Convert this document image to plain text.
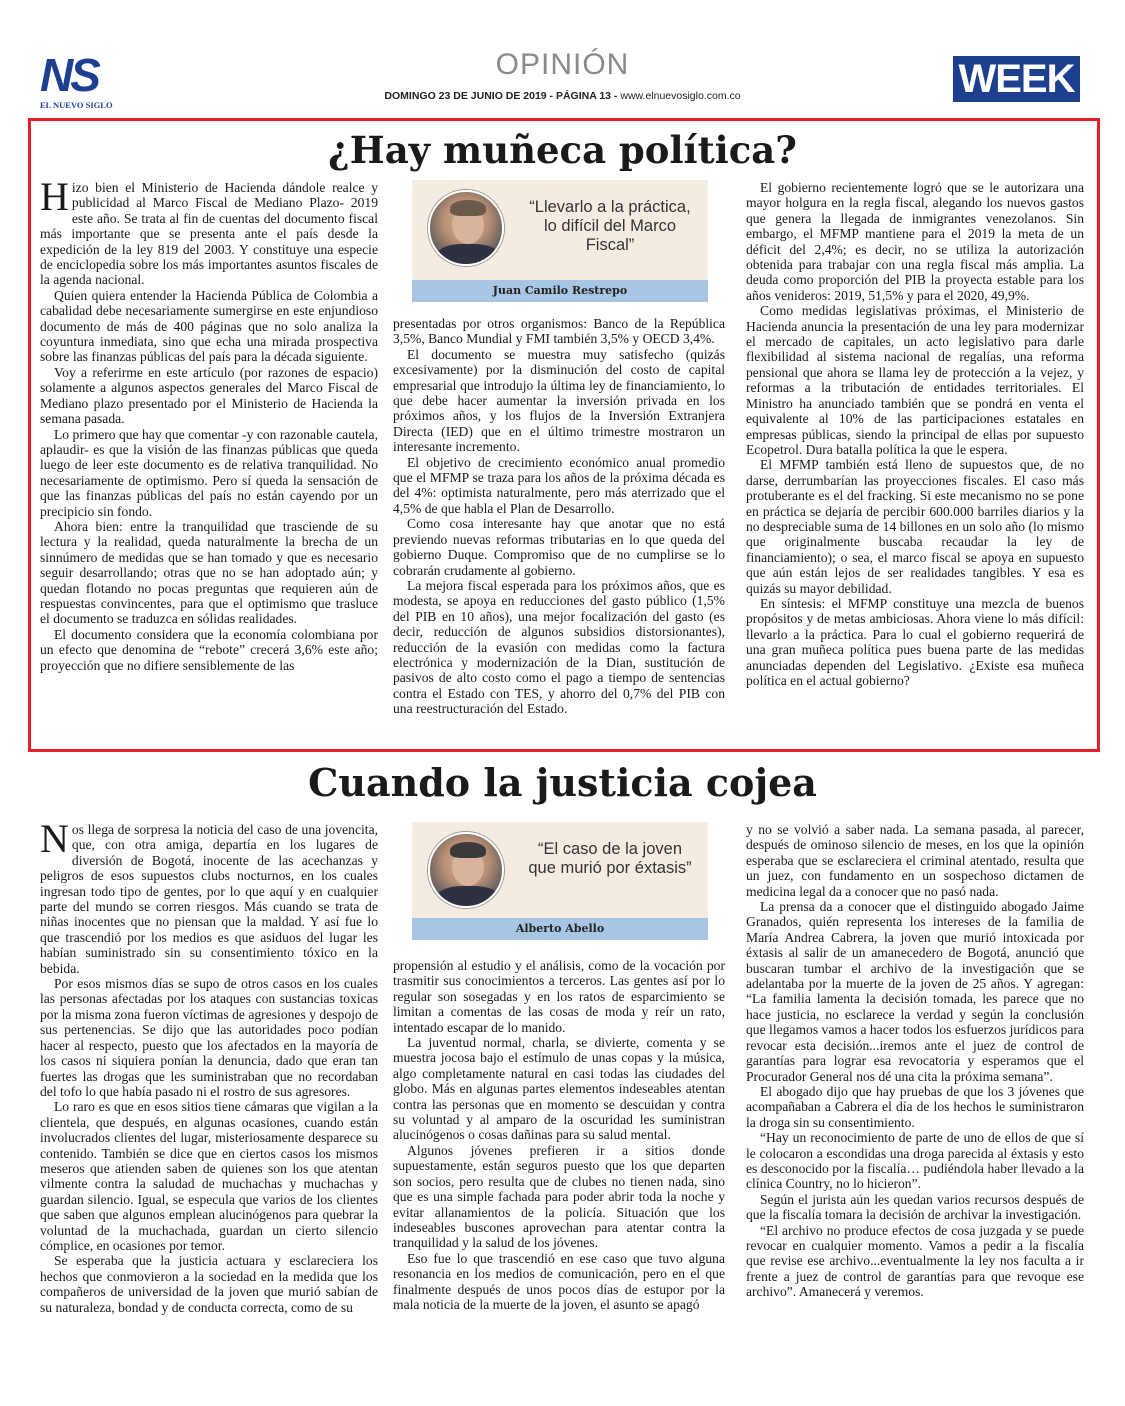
NS
EL NUEVO SIGLO
OPINIÓN
DOMINGO 23 DE JUNIO DE 2019 - PÁGINA 13 - www.elnuevosiglo.com.co	WEEK
¿Hay muñeca política?

Hizo bien el Ministerio de Hacienda dándole realce y publicidad al Marco Fiscal de Mediano Plazo- 2019 este año. Se trata al fin de cuentas del documento fiscal más importante que se presenta ante el país desde la expedición de la ley 819 del 2003. Y constituye una especie de enciclopedia sobre los más importantes asuntos fiscales de la agenda nacional.

Quien quiera entender la Hacienda Pública de Colombia a cabalidad debe necesariamente sumergirse en este enjundioso documento de más de 400 páginas que no solo analiza la coyuntura inmediata, sino que echa una mirada prospectiva sobre las finanzas públicas del país para la década siguiente.

Voy a referirme en este artículo (por razones de espacio) solamente a algunos aspectos generales del Marco Fiscal de Mediano plazo presentado por el Ministerio de Hacienda la semana pasada.

Lo primero que hay que comentar -y con razonable cautela, aplaudir- es que la visión de las finanzas públicas que queda luego de leer este documento es de relativa tranquilidad. No necesariamente de optimismo. Pero sí queda la sensación de que las finanzas públicas del país no están cayendo por un precipicio sin fondo.

Ahora bien: entre la tranquilidad que trasciende de su lectura y la realidad, queda naturalmente la brecha de un sinnúmero de medidas que se han tomado y que es necesario seguir desarrollando; otras que no se han adoptado aún; y quedan flotando no pocas preguntas que requieren aún de respuestas convincentes, para que el optimismo que trasluce el documento se traduzca en sólidas realidades.

El documento considera que la economía colombiana por un efecto que denomina de “rebote” crecerá 3,6% este año; proyección que no difiere sensiblemente de las

“Llevarlo a la práctica, lo difícil del Marco Fiscal”
Juan Camilo Restrepo

presentadas por otros organismos: Banco de la República 3,5%, Banco Mundial y FMI también 3,5% y OECD 3,4%.

El documento se muestra muy satisfecho (quizás excesivamente) por la disminución del costo de capital empresarial que introdujo la última ley de financiamiento, lo que debe hacer aumentar la inversión privada en los próximos años, y los flujos de la Inversión Extranjera Directa (IED) que en el último trimestre mostraron un interesante incremento.

El objetivo de crecimiento económico anual promedio que el MFMP se traza para los años de la próxima década es del 4%: optimista naturalmente, pero más aterrizado que el 4,5% de que habla el Plan de Desarrollo.

Como cosa interesante hay que anotar que no está previendo nuevas reformas tributarias en lo que queda del gobierno Duque. Compromiso que de no cumplirse se lo cobrarán crudamente al gobierno.

La mejora fiscal esperada para los próximos años, que es modesta, se apoya en reducciones del gasto público (1,5% del PIB en 10 años), una mejor focalización del gasto (es decir, reducción de algunos subsidios distorsionantes), reducción de la evasión con medidas como la factura electrónica y modernización de la Dian, sustitución de pasivos de alto costo como el pago a tiempo de sentencias contra el Estado con TES, y ahorro del 0,7% del PIB con una reestructuración del Estado.

El gobierno recientemente logró que se le autorizara una mayor holgura en la regla fiscal, alegando los nuevos gastos que genera la llegada de inmigrantes venezolanos. Sin embargo, el MFMP mantiene para el 2019 la meta de un déficit del 2,4%; es decir, no se utiliza la autorización obtenida para trabajar con una regla fiscal más amplia. La deuda como proporción del PIB la proyecta estable para los años venideros: 2019, 51,5% y para el 2020, 49,9%.

Como medidas legislativas próximas, el Ministerio de Hacienda anuncia la presentación de una ley para modernizar el mercado de capitales, un acto legislativo para darle flexibilidad al sistema nacional de regalías, una reforma pensional que ahora se llama ley de protección a la vejez, y reformas a la tributación de entidades territoriales. El Ministro ha anunciado también que se pondrá en venta el equivalente al 10% de las participaciones estatales en empresas públicas, siendo la principal de ellas por supuesto Ecopetrol. Dura batalla política la que le espera.

El MFMP también está lleno de supuestos que, de no darse, derrumbarían las proyecciones fiscales. El caso más protuberante es el del fracking. Si este mecanismo no se pone en práctica se dejaría de percibir 600.000 barriles diarios y la no despreciable suma de 14 billones en un solo año (lo mismo que originalmente buscaba recaudar la ley de financiamiento); o sea, el marco fiscal se apoya en supuesto que aún están lejos de ser realidades tangibles. Y esa es quizás su mayor debilidad.

En síntesis: el MFMP constituye una mezcla de buenos propósitos y de metas ambiciosas. Ahora viene lo más difícil: llevarlo a la práctica. Para lo cual el gobierno requerirá de una gran muñeca política pues buena parte de las medidas anunciadas dependen del Legislativo. ¿Existe esa muñeca política en el actual gobierno?

Cuando la justicia cojea

Nos llega de sorpresa la noticia del caso de una jovencita, que, con otra amiga, departía en los lugares de diversión de Bogotá, inocente de las acechanzas y peligros de esos supuestos clubs nocturnos, en los cuales ingresan todo tipo de gentes, por lo que aquí y en cualquier parte del mundo se corren riesgos. Más cuando se trata de niñas inocentes que no piensan que la maldad. Y así fue lo que trascendió por los medios es que asiduos del lugar les habían suministrado sin su consentimiento tóxico en la bebida.

Por esos mismos días se supo de otros casos en los cuales las personas afectadas por los ataques con sustancias toxicas por la misma zona fueron víctimas de agresiones y despojo de sus pertenencias. Se dijo que las autoridades poco podían hacer al respecto, puesto que los afectados en la mayoría de los casos ni siquiera ponían la denuncia, dado que eran tan fuertes las drogas que les suministraban que no recordaban del tofo lo que había pasado ni el rostro de sus agresores.

Lo raro es que en esos sitios tiene cámaras que vigilan a la clientela, que después, en algunas ocasiones, cuando están involucrados clientes del lugar, misteriosamente desparece su contenido. También se dice que en ciertos casos los mismos meseros que atienden saben de quienes son los que atentan vilmente contra la saludad de muchachas y muchachas y guardan silencio. Igual, se especula que varios de los clientes que saben que algunos emplean alucinógenos para quebrar la voluntad de la muchachada, guardan un cierto silencio cómplice, en ocasiones por temor.

Se esperaba que la justicia actuara y esclareciera los hechos que conmovieron a la sociedad en la medida que los compañeros de universidad de la joven que murió sabían de su naturaleza, bondad y de conducta correcta, como de su

“El caso de la joven que murió por éxtasis”
Alberto Abello

propensión al estudio y el análisis, como de la vocación por trasmitir sus conocimientos a terceros. Las gentes así por lo regular son sosegadas y en los ratos de esparcimiento se limitan a comentas de las cosas de moda y reír un rato, intentado escapar de lo manido.

La juventud normal, charla, se divierte, comenta y se muestra jocosa bajo el estímulo de unas copas y la música, algo completamente natural en casi todas las ciudades del globo. Más en algunas partes elementos indeseables atentan contra las personas que en momento se descuidan y contra su voluntad y al amparo de la oscuridad les suministran alucinógenos o cosas dañinas para su salud mental.

Algunos jóvenes prefieren ir a sitios donde supuestamente, están seguros puesto que los que departen son socios, pero resulta que de clubes no tienen nada, sino que es una simple fachada para poder abrir toda la noche y evitar allanamientos de la policía. Situación que los indeseables buscones aprovechan para atentar contra la tranquilidad y la salud de los jóvenes.

Eso fue lo que trascendió en ese caso que tuvo alguna resonancia en los medios de comunicación, pero en el que finalmente después de unos pocos días de estupor por la mala noticia de la muerte de la joven, el asunto se apagó

y no se volvió a saber nada. La semana pasada, al parecer, después de ominoso silencio de meses, en los que la opinión esperaba que se esclareciera el criminal atentado, resulta que un juez, con fundamento en un sospechoso dictamen de medicina legal da a conocer que no pasó nada.

La prensa da a conocer que el distinguido abogado Jaime Granados, quién representa los intereses de la familia de María Andrea Cabrera, la joven que murió intoxicada por éxtasis al salir de un amanecedero de Bogotá, anunció que buscaran tumbar el archivo de la investigación que se adelantaba por la muerte de la joven de 25 años. Y agregan: “La familia lamenta la decisión tomada, les parece que no hace justicia, no esclarece la verdad y según la conclusión que llegamos vamos a hacer todos los esfuerzos jurídicos para revocar esta decisión...iremos ante el juez de control de garantías para lograr esa revocatoria y esperamos que el Procurador General nos dé una cita la próxima semana”.

El abogado dijo que hay pruebas de que los 3 jóvenes que acompañaban a Cabrera el día de los hechos le suministraron la droga sin su consentimiento.

“Hay un reconocimiento de parte de uno de ellos de que sí le colocaron a escondidas una droga parecida al éxtasis y esto es desconocido por la fiscalía… pudiéndola haber llevado a la clínica Country, no lo hicieron”.

Según el jurista aún les quedan varios recursos después de que la fiscalía tomara la decisión de archivar la investigación.

“El archivo no produce efectos de cosa juzgada y se puede revocar en cualquier momento. Vamos a pedir a la fiscalía que revise ese archivo...eventualmente la ley nos faculta a ir frente a juez de control de garantías para que revoque ese archivo”. Amanecerá y veremos.
